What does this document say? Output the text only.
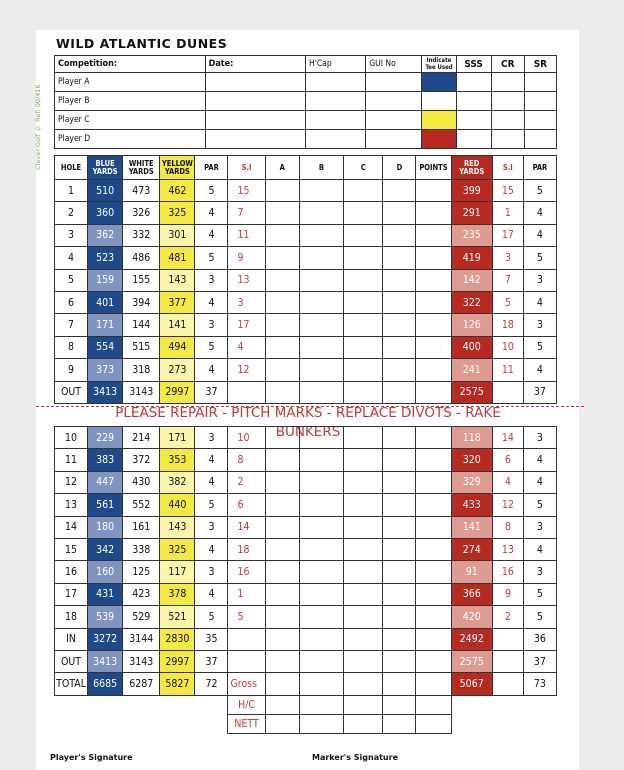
Clever Golf © Ref: 00/416
WILD ATLANTIC DUNES
Competition:	Date:	H'Cap	GUI No	Indicate Tee Used	SSS	CR	SR
Player A							
Player B							
Player C							
Player D							
HOLE	BLUE YARDS	WHITE YARDS	YELLOW YARDS	PAR	S.I	A	B	C	D	POINTS	RED YARDS	S.I	PAR
1	510	473	462	5	15						399	15	5
2	360	326	325	4	7						291	1	4
3	362	332	301	4	11						235	17	4
4	523	486	481	5	9						419	3	5
5	159	155	143	3	13						142	7	3
6	401	394	377	4	3						322	5	4
7	171	144	141	3	17						126	18	3
8	554	515	494	5	4						400	10	5
9	373	318	273	4	12						241	11	4
OUT	3413	3143	2997	37							2575		37
PLEASE REPAIR - PITCH MARKS - REPLACE DIVOTS - RAKE BUNKERS
10	229	214	171	3	10						118	14	3
11	383	372	353	4	8						320	6	4
12	447	430	382	4	2						329	4	4
13	561	552	440	5	6						433	12	5
14	180	161	143	3	14						141	8	3
15	342	338	325	4	18						274	13	4
16	160	125	117	3	16						91	16	3
17	431	423	378	4	1						366	9	5
18	539	529	521	5	5						420	2	5
IN	3272	3144	2830	35							2492		36
OUT	3413	3143	2997	37							2575		37
TOTAL	6685	6287	5827	72	Gross						5067		73
					H/C								
					NETT								
Player's Signature	Marker's Signature
